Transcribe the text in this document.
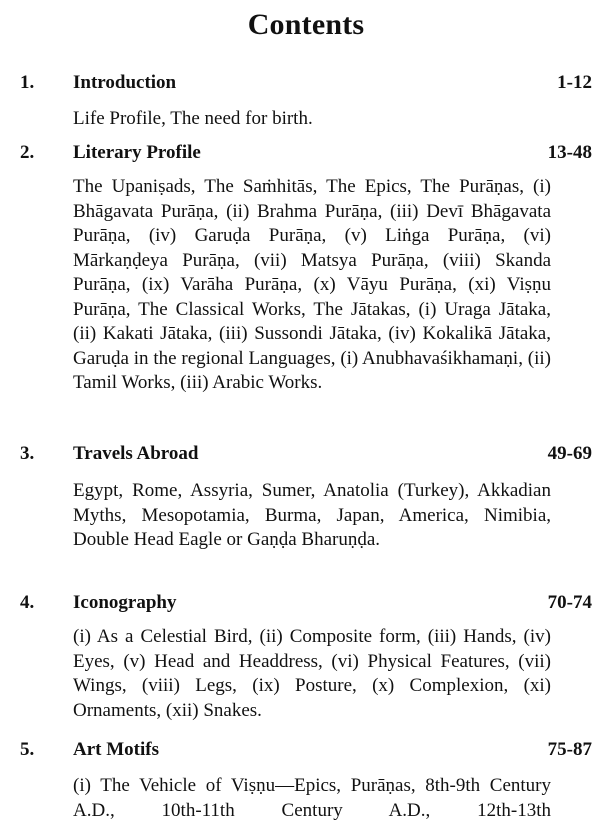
Contents
1. Introduction	1-12
Life Profile, The need for birth.
2. Literary Profile	13-48
The Upaniṣads, The Saṁhitās, The Epics, The Purāṇas, (i) Bhāgavata Purāṇa, (ii) Brahma Purāṇa, (iii) Devī Bhāgavata Purāṇa, (iv) Garuḍa Purāṇa, (v) Liṅga Purāṇa, (vi) Mārkaṇḍeya Purāṇa, (vii) Matsya Purāṇa, (viii) Skanda Purāṇa, (ix) Varāha Purāṇa, (x) Vāyu Purāṇa, (xi) Viṣṇu Purāṇa, The Classical Works, The Jātakas, (i) Uraga Jātaka, (ii) Kakati Jātaka, (iii) Sussondi Jātaka, (iv) Kokalikā Jātaka, Garuḍa in the regional Languages, (i) Anubhavaśikhamaṇi, (ii) Tamil Works, (iii) Arabic Works.
3. Travels Abroad	49-69
Egypt, Rome, Assyria, Sumer, Anatolia (Turkey), Akkadian Myths, Mesopotamia, Burma, Japan, America, Nimibia, Double Head Eagle or Gaṇḍa Bharuṇḍa.
4. Iconography	70-74
(i) As a Celestial Bird, (ii) Composite form, (iii) Hands, (iv) Eyes, (v) Head and Headdress, (vi) Physical Features, (vii) Wings, (viii) Legs, (ix) Posture, (x) Complexion, (xi) Ornaments, (xii) Snakes.
5. Art Motifs	75-87
(i) The Vehicle of Viṣṇu—Epics, Purāṇas, 8th-9th Century A.D., 10th-11th Century A.D., 12th-13th
